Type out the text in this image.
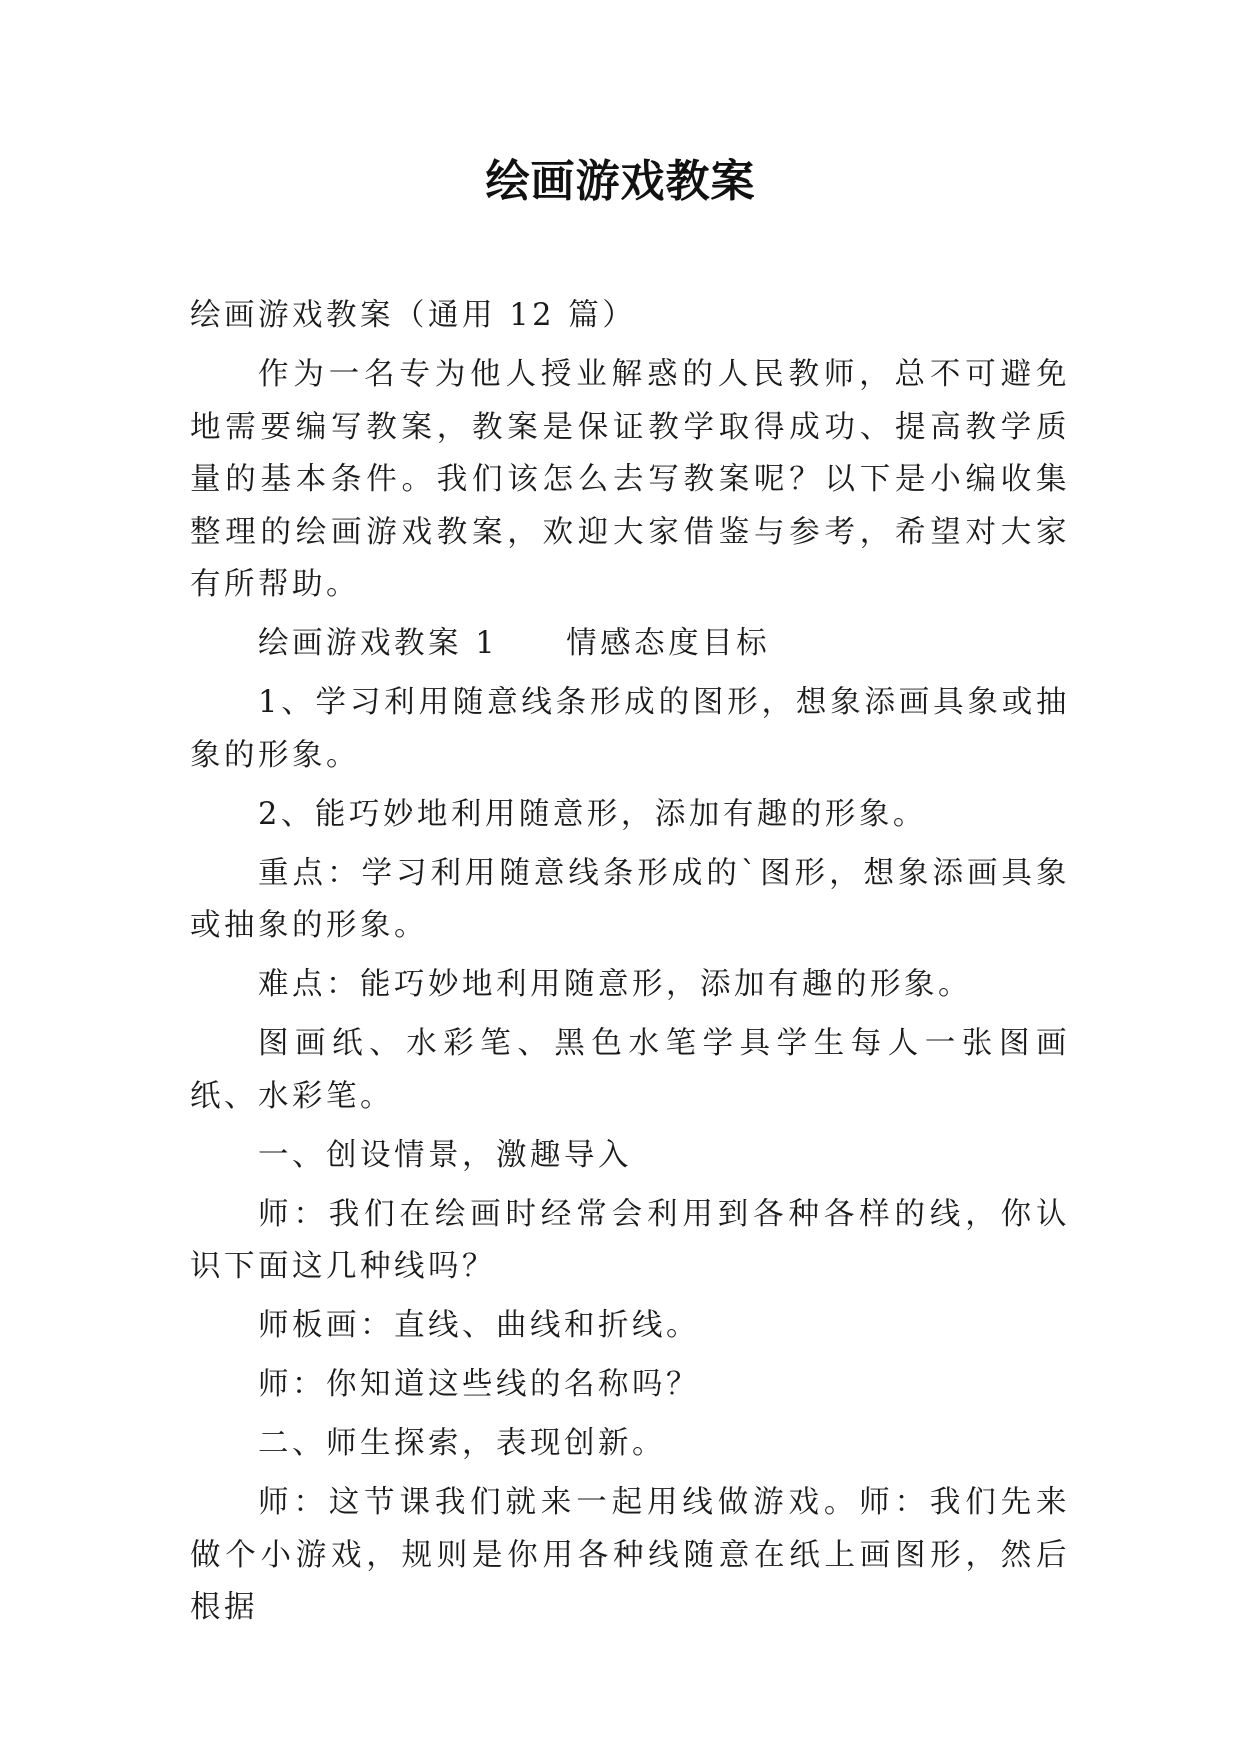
绘画游戏教案

绘画游戏教案（通用 12 篇）

作为一名专为他人授业解惑的人民教师，总不可避免地需要编写教案，教案是保证教学取得成功、提高教学质量的基本条件。我们该怎么去写教案呢？以下是小编收集整理的绘画游戏教案，欢迎大家借鉴与参考，希望对大家有所帮助。

绘画游戏教案 1　　情感态度目标

1、学习利用随意线条形成的图形，想象添画具象或抽象的形象。

2、能巧妙地利用随意形，添加有趣的形象。

重点：学习利用随意线条形成的`图形，想象添画具象或抽象的形象。

难点：能巧妙地利用随意形，添加有趣的形象。

图画纸、水彩笔、黑色水笔学具学生每人一张图画纸、水彩笔。

一、创设情景，激趣导入

师：我们在绘画时经常会利用到各种各样的线，你认识下面这几种线吗？

师板画：直线、曲线和折线。

师：你知道这些线的名称吗？

二、师生探索，表现创新。

师：这节课我们就来一起用线做游戏。师：我们先来做个小游戏，规则是你用各种线随意在纸上画图形，然后根据
